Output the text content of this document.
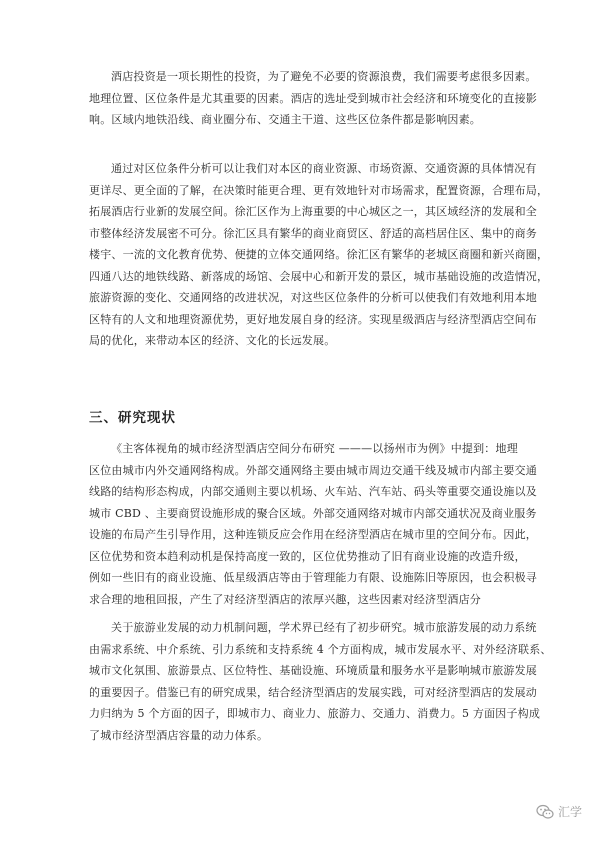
酒店投资是一项长期性的投资，为了避免不必要的资源浪费，我们需要考虑很多因素。
地理位置、区位条件是尤其重要的因素。酒店的选址受到城市社会经济和环境变化的直接影
响。区域内地铁沿线、商业圈分布、交通主干道、这些区位条件都是影响因素。
通过对区位条件分析可以让我们对本区的商业资源、市场资源、交通资源的具体情况有
更详尽、更全面的了解，在决策时能更合理、更有效地针对市场需求，配置资源，合理布局，
拓展酒店行业新的发展空间。徐汇区作为上海重要的中心城区之一，其区域经济的发展和全
市整体经济发展密不可分。徐汇区具有繁华的商业商贸区、舒适的高档居住区、集中的商务
楼宇、一流的文化教育优势、便捷的立体交通网络。徐汇区有繁华的老城区商圈和新兴商圈，
四通八达的地铁线路、新落成的场馆、会展中心和新开发的景区，城市基础设施的改造情况，
旅游资源的变化、交通网络的改进状况，对这些区位条件的分析可以使我们有效地利用本地
区特有的人文和地理资源优势，更好地发展自身的经济。实现星级酒店与经济型酒店空间布
局的优化，来带动本区的经济、文化的长远发展。
三、研究现状
《主客体视角的城市经济型酒店空间分布研究 ———以扬州市为例》中提到：地理
区位由城市内外交通网络构成。外部交通网络主要由城市周边交通干线及城市内部主要交通
线路的结构形态构成，内部交通则主要以机场、火车站、汽车站、码头等重要交通设施以及
城市 CBD 、主要商贸设施形成的聚合区域。外部交通网络对城市内部交通状况及商业服务
设施的布局产生引导作用，这种连锁反应会作用在经济型酒店在城市里的空间分布。因此，
区位优势和资本趋利动机是保持高度一致的，区位优势推动了旧有商业设施的改造升级，
例如一些旧有的商业设施、低星级酒店等由于管理能力有限、设施陈旧等原因，也会积极寻
求合理的地租回报，产生了对经济型酒店的浓厚兴趣，这些因素对经济型酒店分
关于旅游业发展的动力机制问题，学术界已经有了初步研究。城市旅游发展的动力系统
由需求系统、中介系统、引力系统和支持系统 4 个方面构成，城市发展水平、对外经济联系、
城市文化氛围、旅游景点、区位特性、基础设施、环境质量和服务水平是影响城市旅游发展
的重要因子。借鉴已有的研究成果，结合经济型酒店的发展实践，可对经济型酒店的发展动
力归纳为 5 个方面的因子，即城市力、商业力、旅游力、交通力、消费力。5 方面因子构成
了城市经济型酒店容量的动力体系。
汇学
